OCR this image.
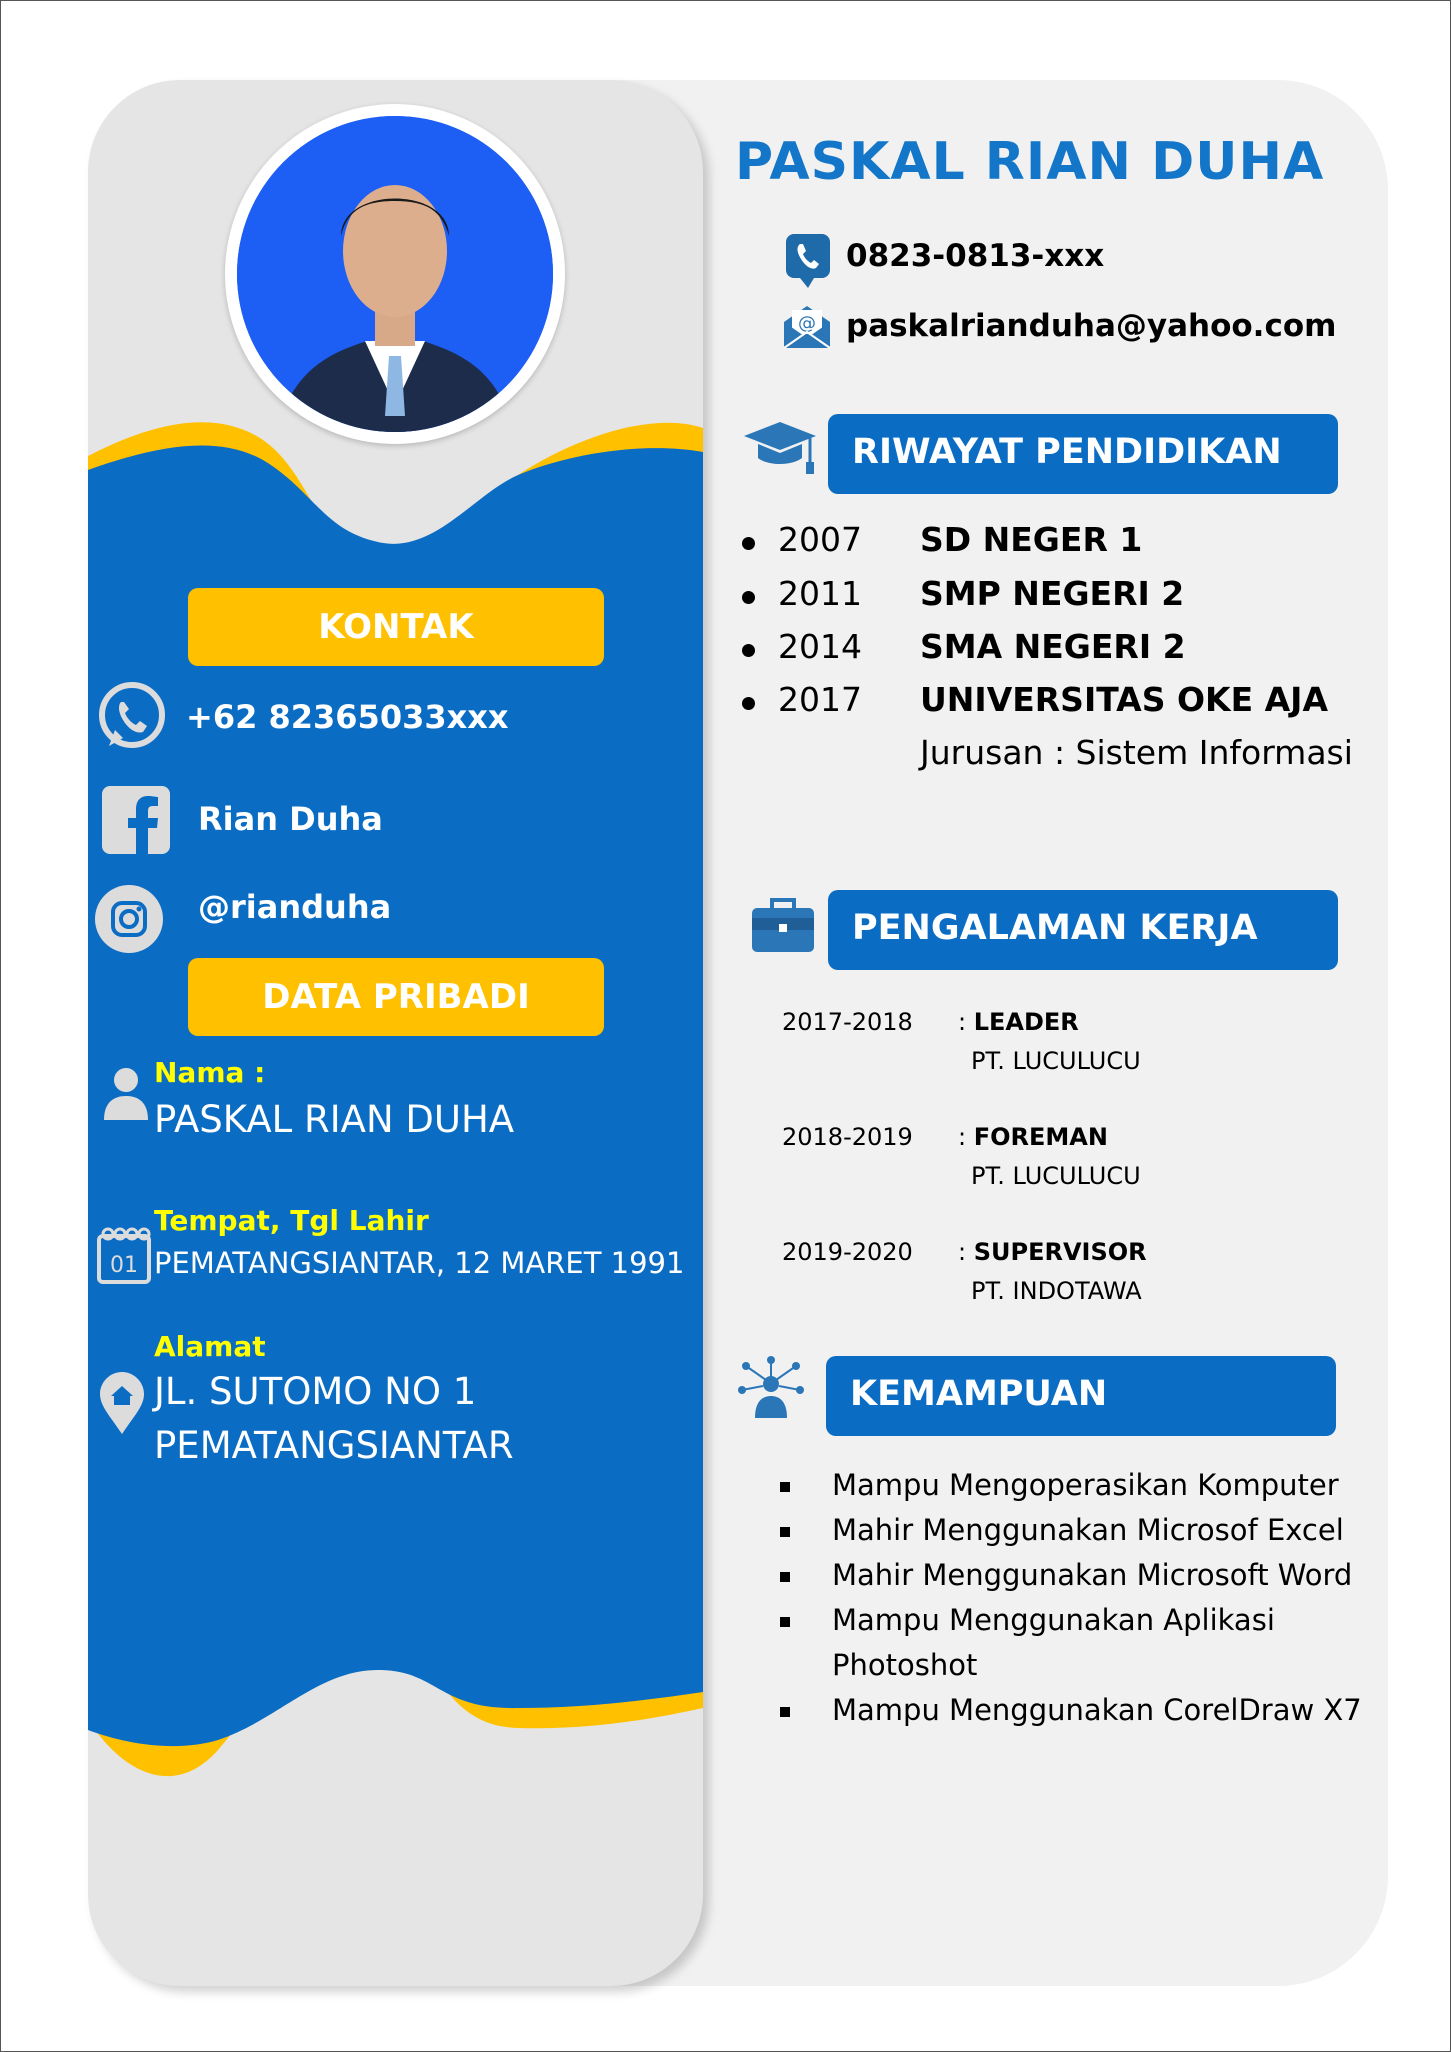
KONTAK
+62 82365033xxx
Rian Duha
@rianduha
DATA PRIBADI
Nama :
PASKAL RIAN DUHA
01
Tempat, Tgl Lahir
PEMATANGSIANTAR, 12 MARET 1991
Alamat
JL. SUTOMO NO 1
PEMATANGSIANTAR
PASKAL RIAN DUHA
0823-0813-xxx
@ paskalrianduha@yahoo.com
RIWAYAT PENDIDIKAN
2007 SD NEGER 1
2011 SMP NEGERI 2
2014 SMA NEGERI 2
2017 UNIVERSITAS OKE AJA
Jurusan : Sistem Informasi
PENGALAMAN KERJA
2017-2018 : LEADER
PT. LUCULUCU
2018-2019 : FOREMAN
PT. LUCULUCU
2019-2020 : SUPERVISOR
PT. INDOTAWA
KEMAMPUAN
Mampu Mengoperasikan Komputer
Mahir Menggunakan Microsof Excel
Mahir Menggunakan Microsoft Word
Mampu Menggunakan Aplikasi
Photoshot
Mampu Menggunakan CorelDraw X7
